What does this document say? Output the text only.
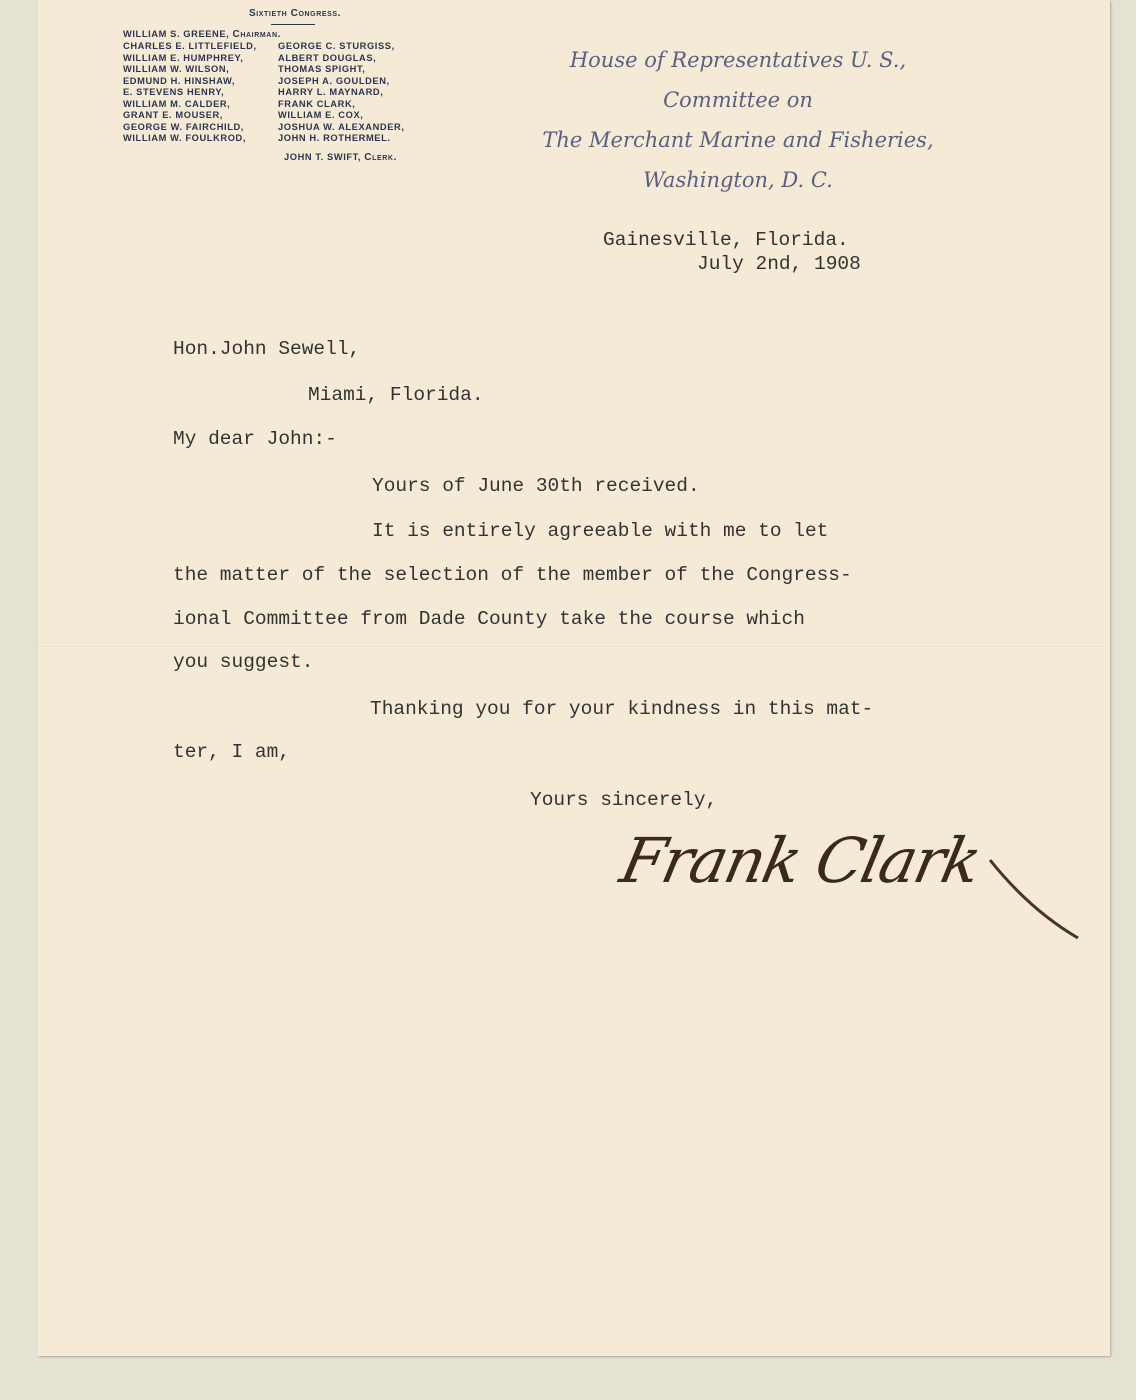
Sixtieth Congress.
WILLIAM S. GREENE, Chairman.
CHARLES E. LITTLEFIELD,
WILLIAM E. HUMPHREY,
WILLIAM W. WILSON,
EDMUND H. HINSHAW,
E. STEVENS HENRY,
WILLIAM M. CALDER,
GRANT E. MOUSER,
GEORGE W. FAIRCHILD,
WILLIAM W. FOULKROD,
GEORGE C. STURGISS,
ALBERT DOUGLAS,
THOMAS SPIGHT,
JOSEPH A. GOULDEN,
HARRY L. MAYNARD,
FRANK CLARK,
WILLIAM E. COX,
JOSHUA W. ALEXANDER,
JOHN H. ROTHERMEL.
JOHN T. SWIFT, Clerk.
House of Representatives U. S.,
Committee on
The Merchant Marine and Fisheries,
Washington, D. C.
Gainesville, Florida.
July 2nd, 1908
Hon.John Sewell,
Miami, Florida.
My dear John:-
Yours of June 30th received.
It is entirely agreeable with me to let
the matter of the selection of the member of the Congress-
ional Committee from Dade County take the course which
you suggest.
Thanking you for your kindness in this mat-
ter, I am,
Yours sincerely,
Frank Clark
